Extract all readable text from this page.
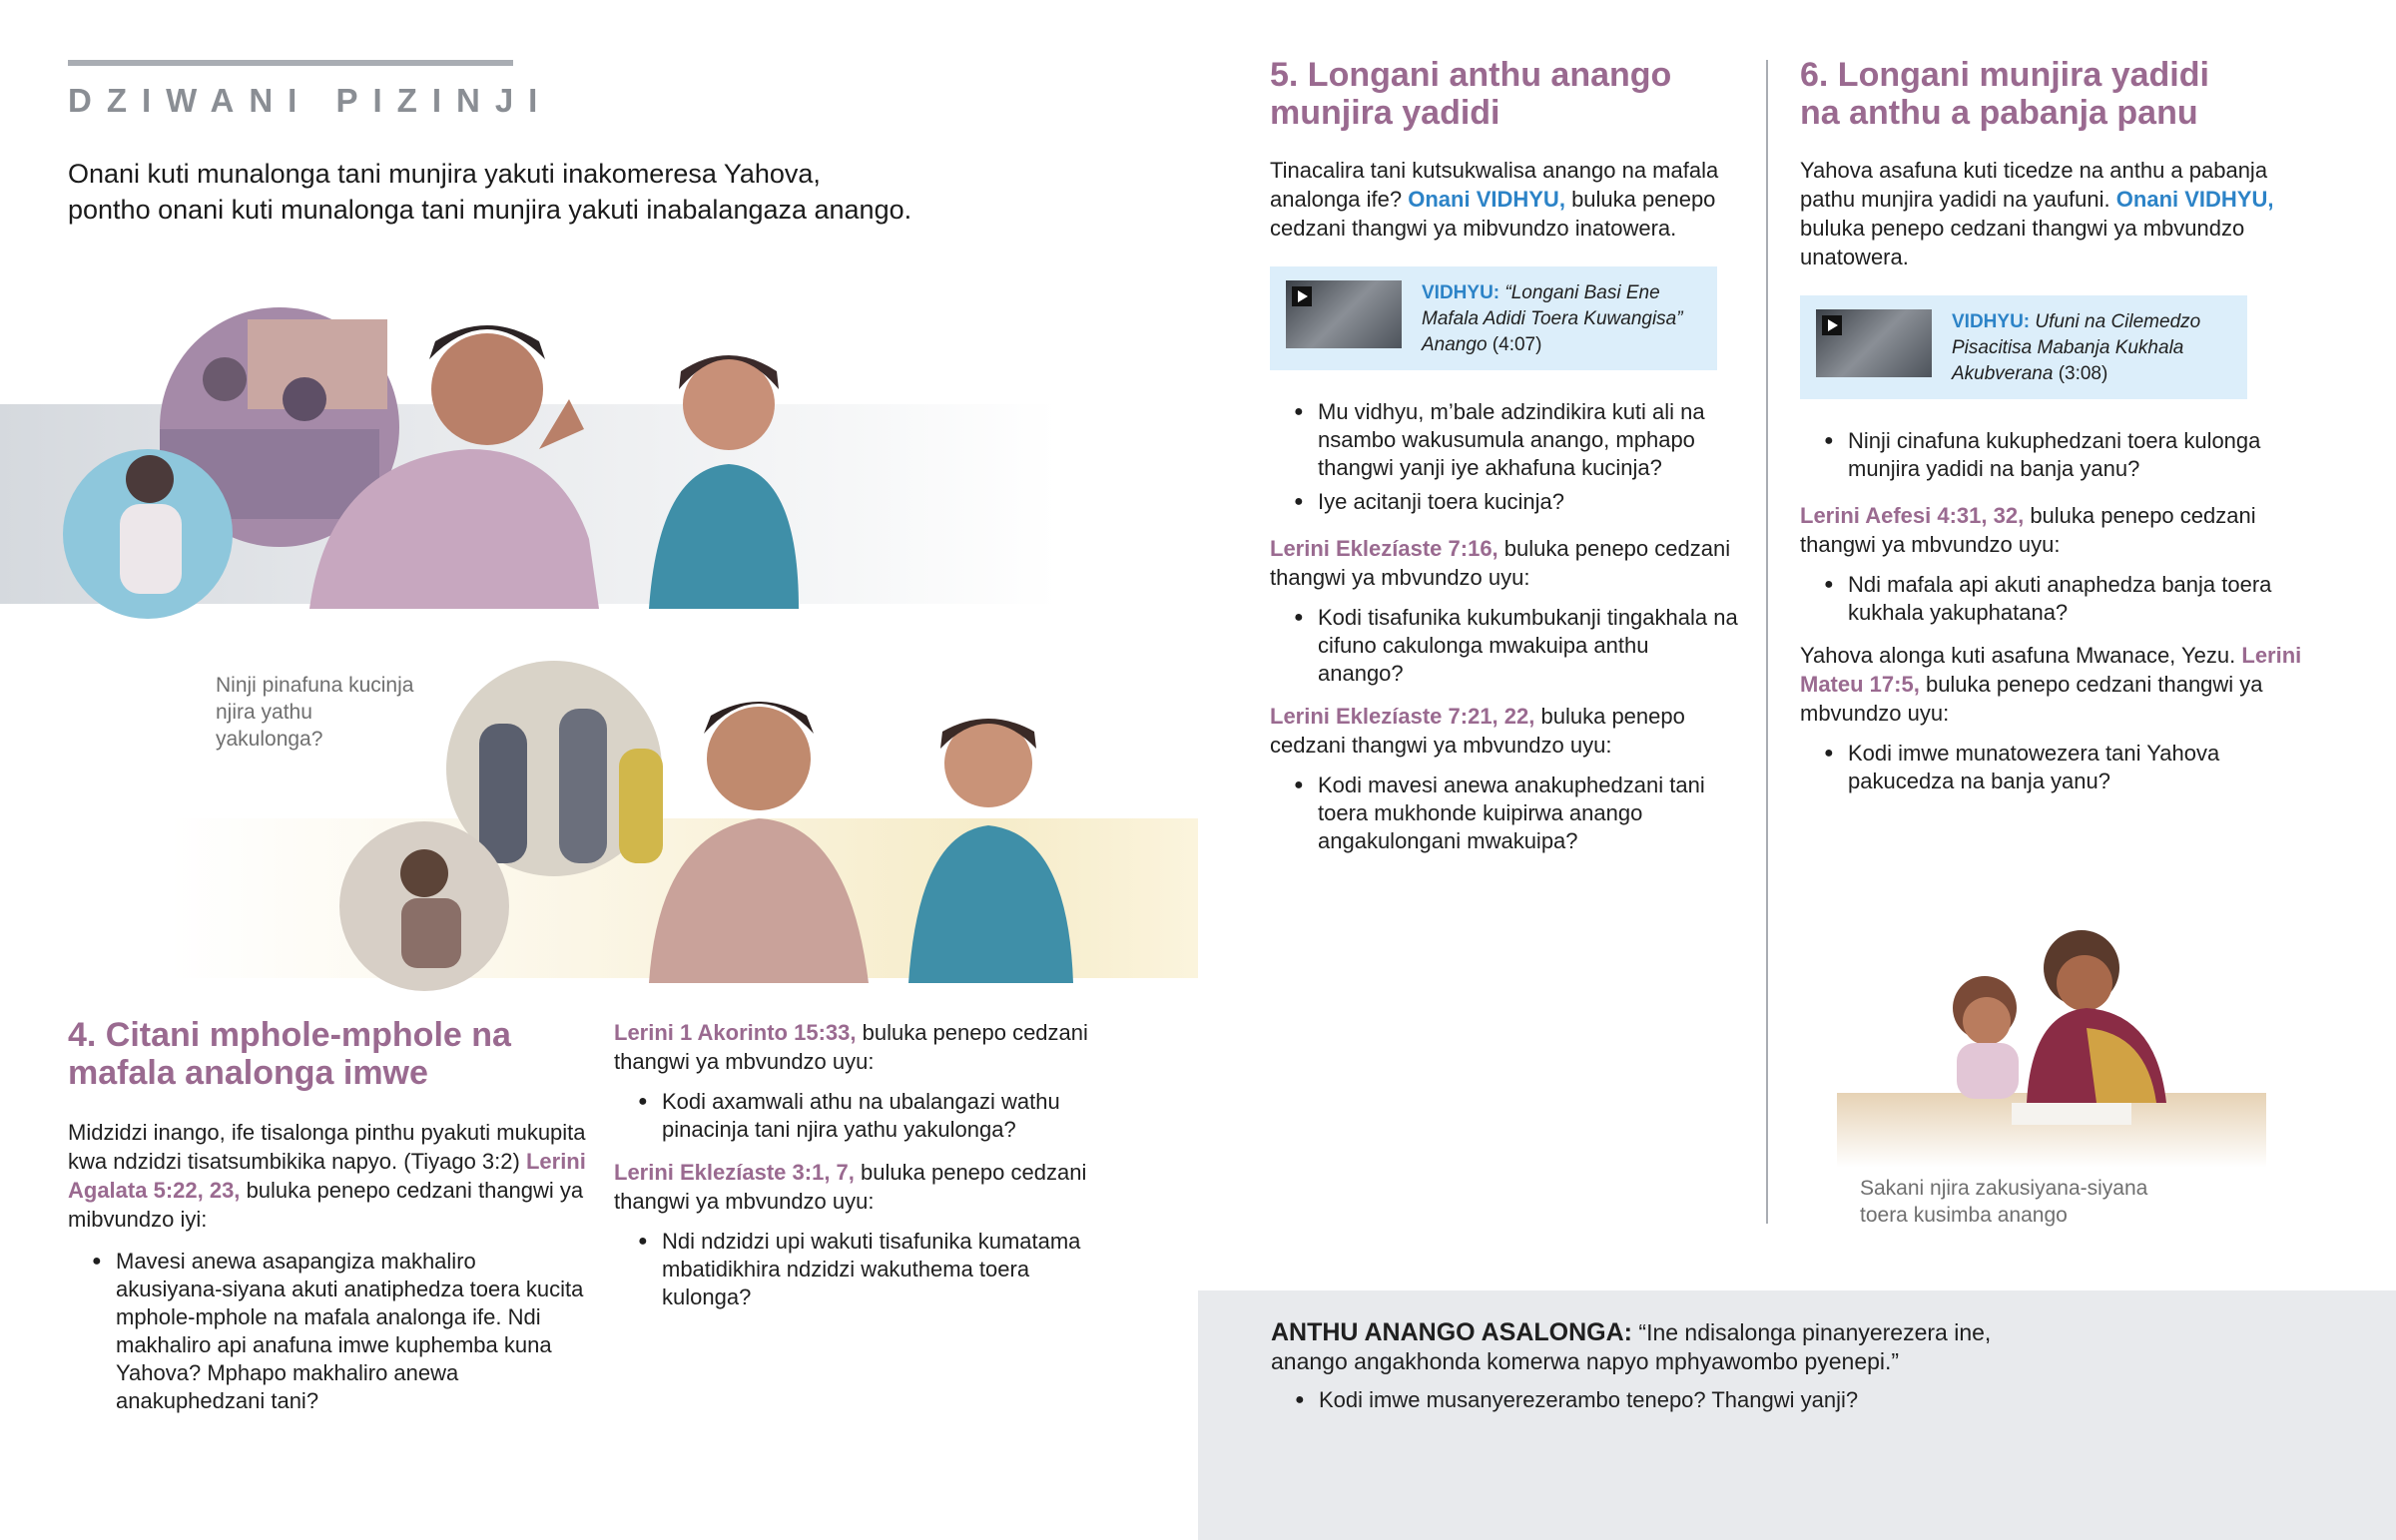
DZIWANI PIZINJI
Onani kuti munalonga tani munjira yakuti inakomeresa Yahova,
pontho onani kuti munalonga tani munjira yakuti inabalangaza anango.
Ninji pinafuna kucinja njira yathu yakulonga?
4. Citani mphole-mphole na
mafala analonga imwe

Midzidzi inango, ife tisalonga pinthu pyakuti mukupita kwa ndzidzi tisatsumbikika napyo. (Tiyago 3:2) Lerini Agalata 5:22, 23, buluka penepo cedzani thangwi ya mibvundzo iyi:

● Mavesi anewa asapangiza makhaliro akusiyana-siyana akuti anatiphedza toera kucita mphole-mphole na mafala analonga ife. Ndi makhaliro api anafuna imwe kuphemba kuna Yahova? Mphapo makhaliro anewa anakuphedzani tani?

Lerini 1 Akorinto 15:33, buluka penepo cedzani thangwi ya mbvundzo uyu:

● Kodi axamwali athu na ubalangazi wathu pinacinja tani njira yathu yakulonga?

Lerini Eklezíaste 3:1, 7, buluka penepo cedzani thangwi ya mbvundzo uyu:

● Ndi ndzidzi upi wakuti tisafunika kumatama mbatidikhira ndzidzi wakuthema toera kulonga?
5. Longani anthu anango
munjira yadidi

Tinacalira tani kutsukwalisa anango na mafala analonga ife? Onani VIDHYU, buluka penepo cedzani thangwi ya mibvundzo inatowera.

VIDHYU: “Longani Basi Ene Mafala Adidi Toera Kuwangisa” Anango (4:07)
● Mu vidhyu, m’bale adzindikira kuti ali na nsambo wakusumula anango, mphapo thangwi yanji iye akhafuna kucinja?
● Iye acitanji toera kucinja?

Lerini Eklezíaste 7:16, buluka penepo cedzani thangwi ya mbvundzo uyu:

● Kodi tisafunika kukumbukanji tingakhala na cifuno cakulonga mwakuipa anthu anango?

Lerini Eklezíaste 7:21, 22, buluka penepo cedzani thangwi ya mbvundzo uyu:

● Kodi mavesi anewa anakuphedzani tani toera mukhonde kuipirwa anango angakulongani mwakuipa?
6. Longani munjira yadidi
na anthu a pabanja panu

Yahova asafuna kuti ticedze na anthu a pabanja pathu munjira yadidi na yaufuni. Onani VIDHYU, buluka penepo cedzani thangwi ya mbvundzo unatowera.

VIDHYU: Ufuni na Cilemedzo Pisacitisa Mabanja Kukhala Akubverana (3:08)
● Ninji cinafuna kukuphedzani toera kulonga munjira yadidi na banja yanu?

Lerini Aefesi 4:31, 32, buluka penepo cedzani thangwi ya mbvundzo uyu:

● Ndi mafala api akuti anaphedza banja toera kukhala yakuphatana?

Yahova alonga kuti asafuna Mwanace, Yezu. Lerini Mateu 17:5, buluka penepo cedzani thangwi ya mbvundzo uyu:

● Kodi imwe munatowezera tani Yahova pakucedza na banja yanu?
Sakani njira zakusiyana-siyana toera kusimba anango
ANTHU ANANGO ASALONGA: “Ine ndisalonga pinanyerezera ine,
anango angakhonda komerwa napyo mphyawombo pyenepi.”
● Kodi imwe musanyerezerambo tenepo? Thangwi yanji?
